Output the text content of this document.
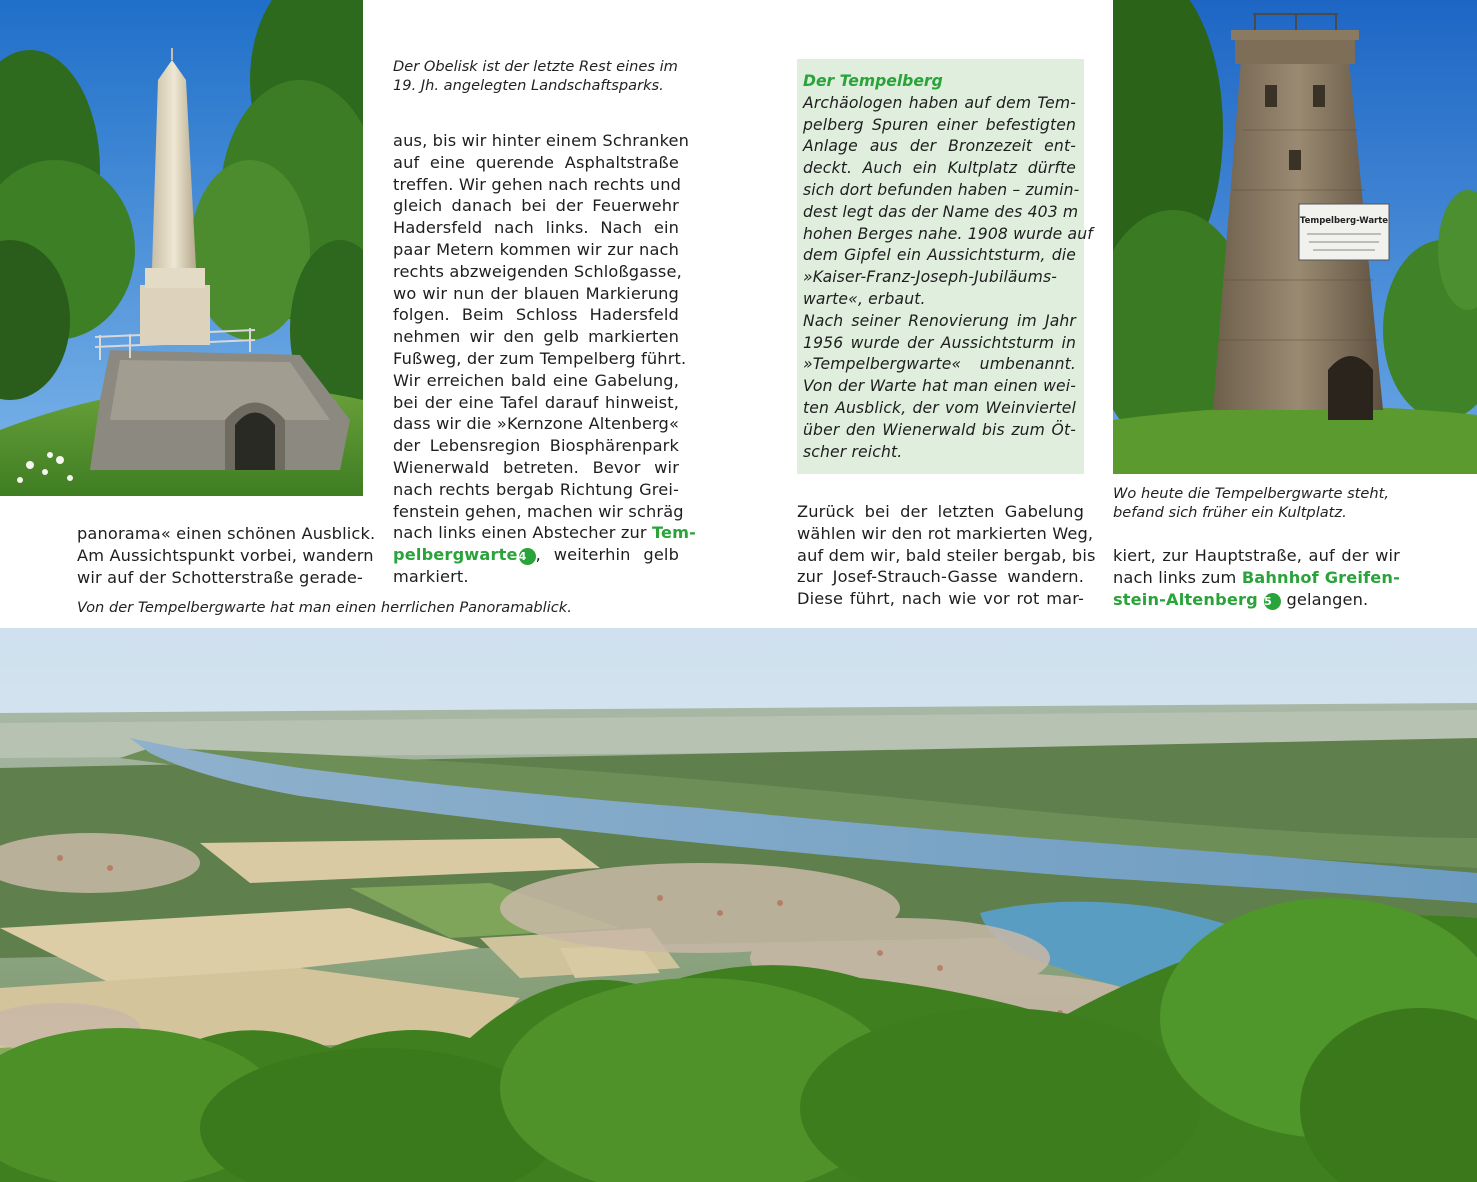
Der Obelisk ist der letzte Rest eines im
19. Jh. angelegten Landschaftsparks.
aus, bis wir hinter einem Schranken
auf eine querende Asphaltstraße
treffen. Wir gehen nach rechts und
gleich danach bei der Feuerwehr
Hadersfeld nach links. Nach ein
paar Metern kommen wir zur nach
rechts abzweigenden Schloßgasse,
wo wir nun der blauen Markierung
folgen. Beim Schloss Hadersfeld
nehmen wir den gelb markierten
Fußweg, der zum Tempelberg führt.
Wir erreichen bald eine Gabelung,
bei der eine Tafel darauf hinweist,
dass wir die »Kernzone Altenberg«
der Lebensregion Biosphärenpark
Wienerwald betreten. Bevor wir
nach rechts bergab Richtung Grei-
fenstein gehen, machen wir schräg
nach links einen Abstecher zur Tem-
pelbergwarte4 , weiterhin gelb
markiert.
panorama« einen schönen Ausblick.
Am Aussichtspunkt vorbei, wandern
wir auf der Schotterstraße gerade-
Von der Tempelbergwarte hat man einen herrlichen Panoramablick.
Der Tempelberg
Archäologen haben auf dem Tem-
pelberg Spuren einer befestigten
Anlage aus der Bronzezeit ent-
deckt. Auch ein Kultplatz dürfte
sich dort befunden haben – zumin-
dest legt das der Name des 403 m
hohen Berges nahe. 1908 wurde auf
dem Gipfel ein Aussichtsturm, die
»Kaiser-Franz-Joseph-Jubiläums-
warte«, erbaut.
Nach seiner Renovierung im Jahr
1956 wurde der Aussichtsturm in
»Tempelbergwarte« umbenannt.
Von der Warte hat man einen wei-
ten Ausblick, der vom Weinviertel
über den Wienerwald bis zum Öt-
scher reicht.
Zurück bei der letzten Gabelung
wählen wir den rot markierten Weg,
auf dem wir, bald steiler bergab, bis
zur Josef-Strauch-Gasse wandern.
Diese führt, nach wie vor rot mar-
Tempelberg-Warte
Wo heute die Tempelbergwarte steht,
befand sich früher ein Kultplatz.
kiert, zur Hauptstraße, auf der wir
nach links zum Bahnhof Greifen-
stein-Altenberg 5 gelangen.
